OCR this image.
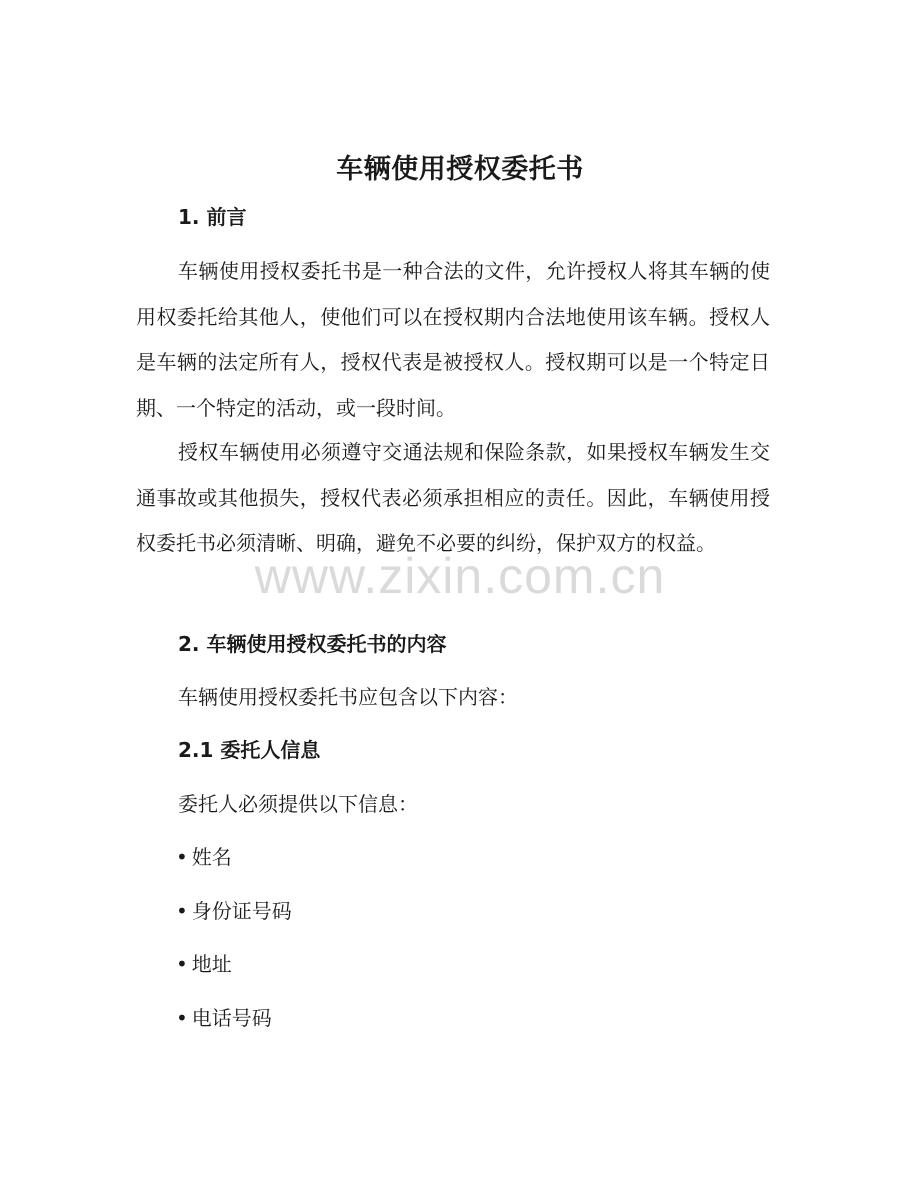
车辆使用授权委托书
1. 前言

车辆使用授权委托书是一种合法的文件，允许授权人将其车辆的使用权委托给其他人，使他们可以在授权期内合法地使用该车辆。授权人是车辆的法定所有人，授权代表是被授权人。授权期可以是一个特定日期、一个特定的活动，或一段时间。

授权车辆使用必须遵守交通法规和保险条款，如果授权车辆发生交通事故或其他损失，授权代表必须承担相应的责任。因此，车辆使用授权委托书必须清晰、明确，避免不必要的纠纷，保护双方的权益。

2. 车辆使用授权委托书的内容
车辆使用授权委托书应包含以下内容：
2.1 委托人信息
委托人必须提供以下信息：
• 姓名
• 身份证号码
• 地址
• 电话号码
www.zixin.com.cn
